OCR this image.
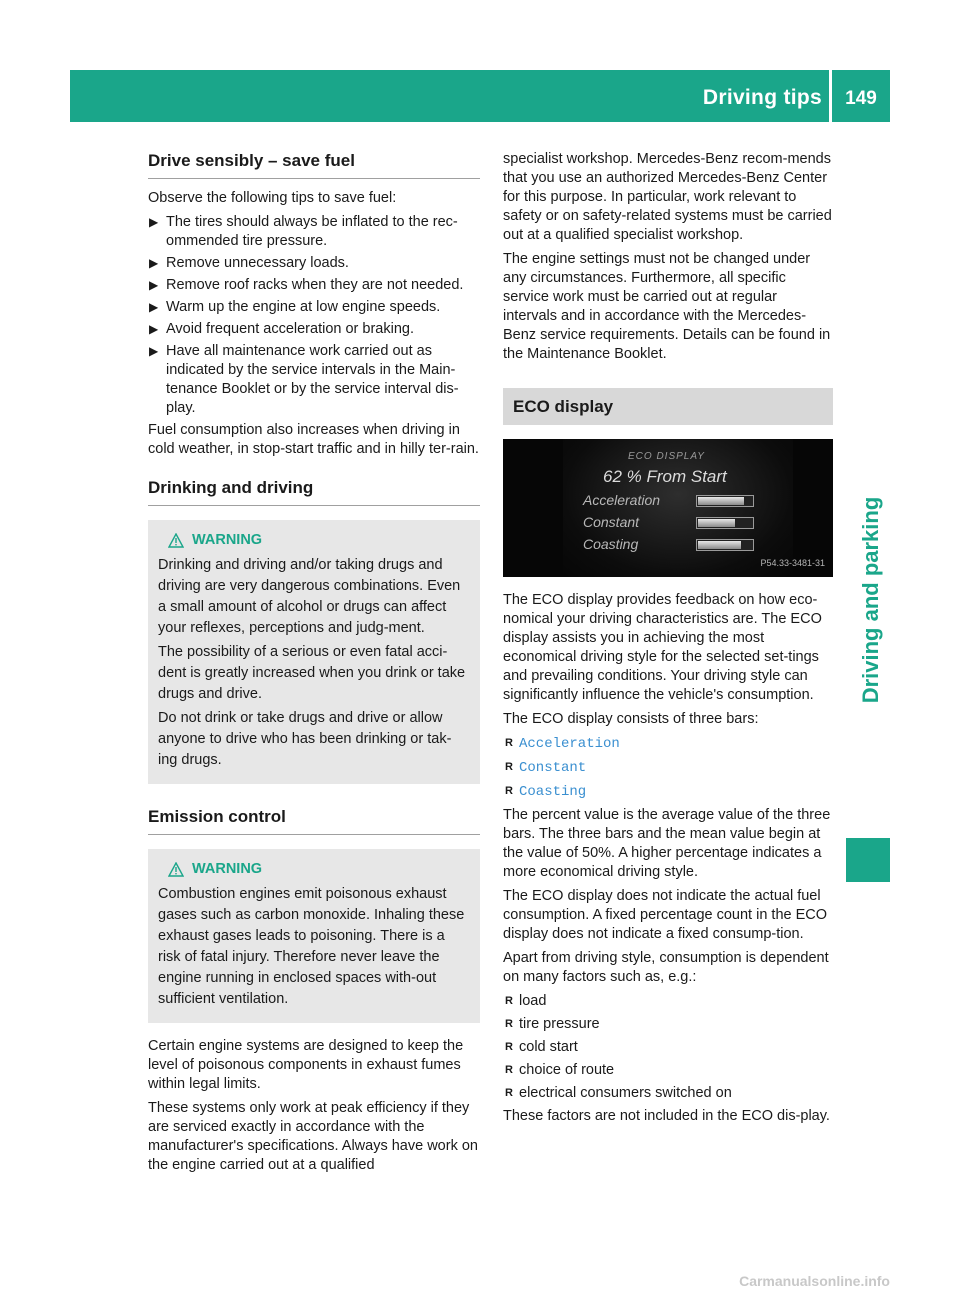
Driving tips	149
Driving and parking
Drive sensibly – save fuel

Observe the following tips to save fuel:

▶ The tires should always be inflated to the rec-ommended tire pressure.
▶ Remove unnecessary loads.
▶ Remove roof racks when they are not needed.
▶ Warm up the engine at low engine speeds.
▶ Avoid frequent acceleration or braking.
▶ Have all maintenance work carried out as indicated by the service intervals in the Main-tenance Booklet or by the service interval dis-play.

Fuel consumption also increases when driving in cold weather, in stop-start traffic and in hilly ter-rain.

Drinking and driving
WARNING

Drinking and driving and/or taking drugs and driving are very dangerous combinations. Even a small amount of alcohol or drugs can affect your reflexes, perceptions and judg-ment.

The possibility of a serious or even fatal acci-dent is greatly increased when you drink or take drugs and drive.

Do not drink or take drugs and drive or allow anyone to drive who has been drinking or tak-ing drugs.

Emission control
WARNING

Combustion engines emit poisonous exhaust gases such as carbon monoxide. Inhaling these exhaust gases leads to poisoning. There is a risk of fatal injury. Therefore never leave the engine running in enclosed spaces with-out sufficient ventilation.

Certain engine systems are designed to keep the level of poisonous components in exhaust fumes within legal limits.

These systems only work at peak efficiency if they are serviced exactly in accordance with the manufacturer's specifications. Always have work on the engine carried out at a qualified

specialist workshop. Mercedes-Benz recom-mends that you use an authorized Mercedes-Benz Center for this purpose. In particular, work relevant to safety or on safety-related systems must be carried out at a qualified specialist workshop.

The engine settings must not be changed under any circumstances. Furthermore, all specific service work must be carried out at regular intervals and in accordance with the Mercedes-Benz service requirements. Details can be found in the Maintenance Booklet.

ECO display
ECO DISPLAY
62 % From Start
Acceleration
Constant
Coasting
P54.33-3481-31

The ECO display provides feedback on how eco-nomical your driving characteristics are. The ECO display assists you in achieving the most economical driving style for the selected set-tings and prevailing conditions. Your driving style can significantly influence the vehicle's consumption.

The ECO display consists of three bars:

R Acceleration
R Constant
R Coasting

The percent value is the average value of the three bars. The three bars and the mean value begin at the value of 50%. A higher percentage indicates a more economical driving style.

The ECO display does not indicate the actual fuel consumption. A fixed percentage count in the ECO display does not indicate a fixed consump-tion.

Apart from driving style, consumption is dependent on many factors such as, e.g.:

R load
R tire pressure
R cold start
R choice of route
R electrical consumers switched on

These factors are not included in the ECO dis-play.

Carmanualsonline.info
